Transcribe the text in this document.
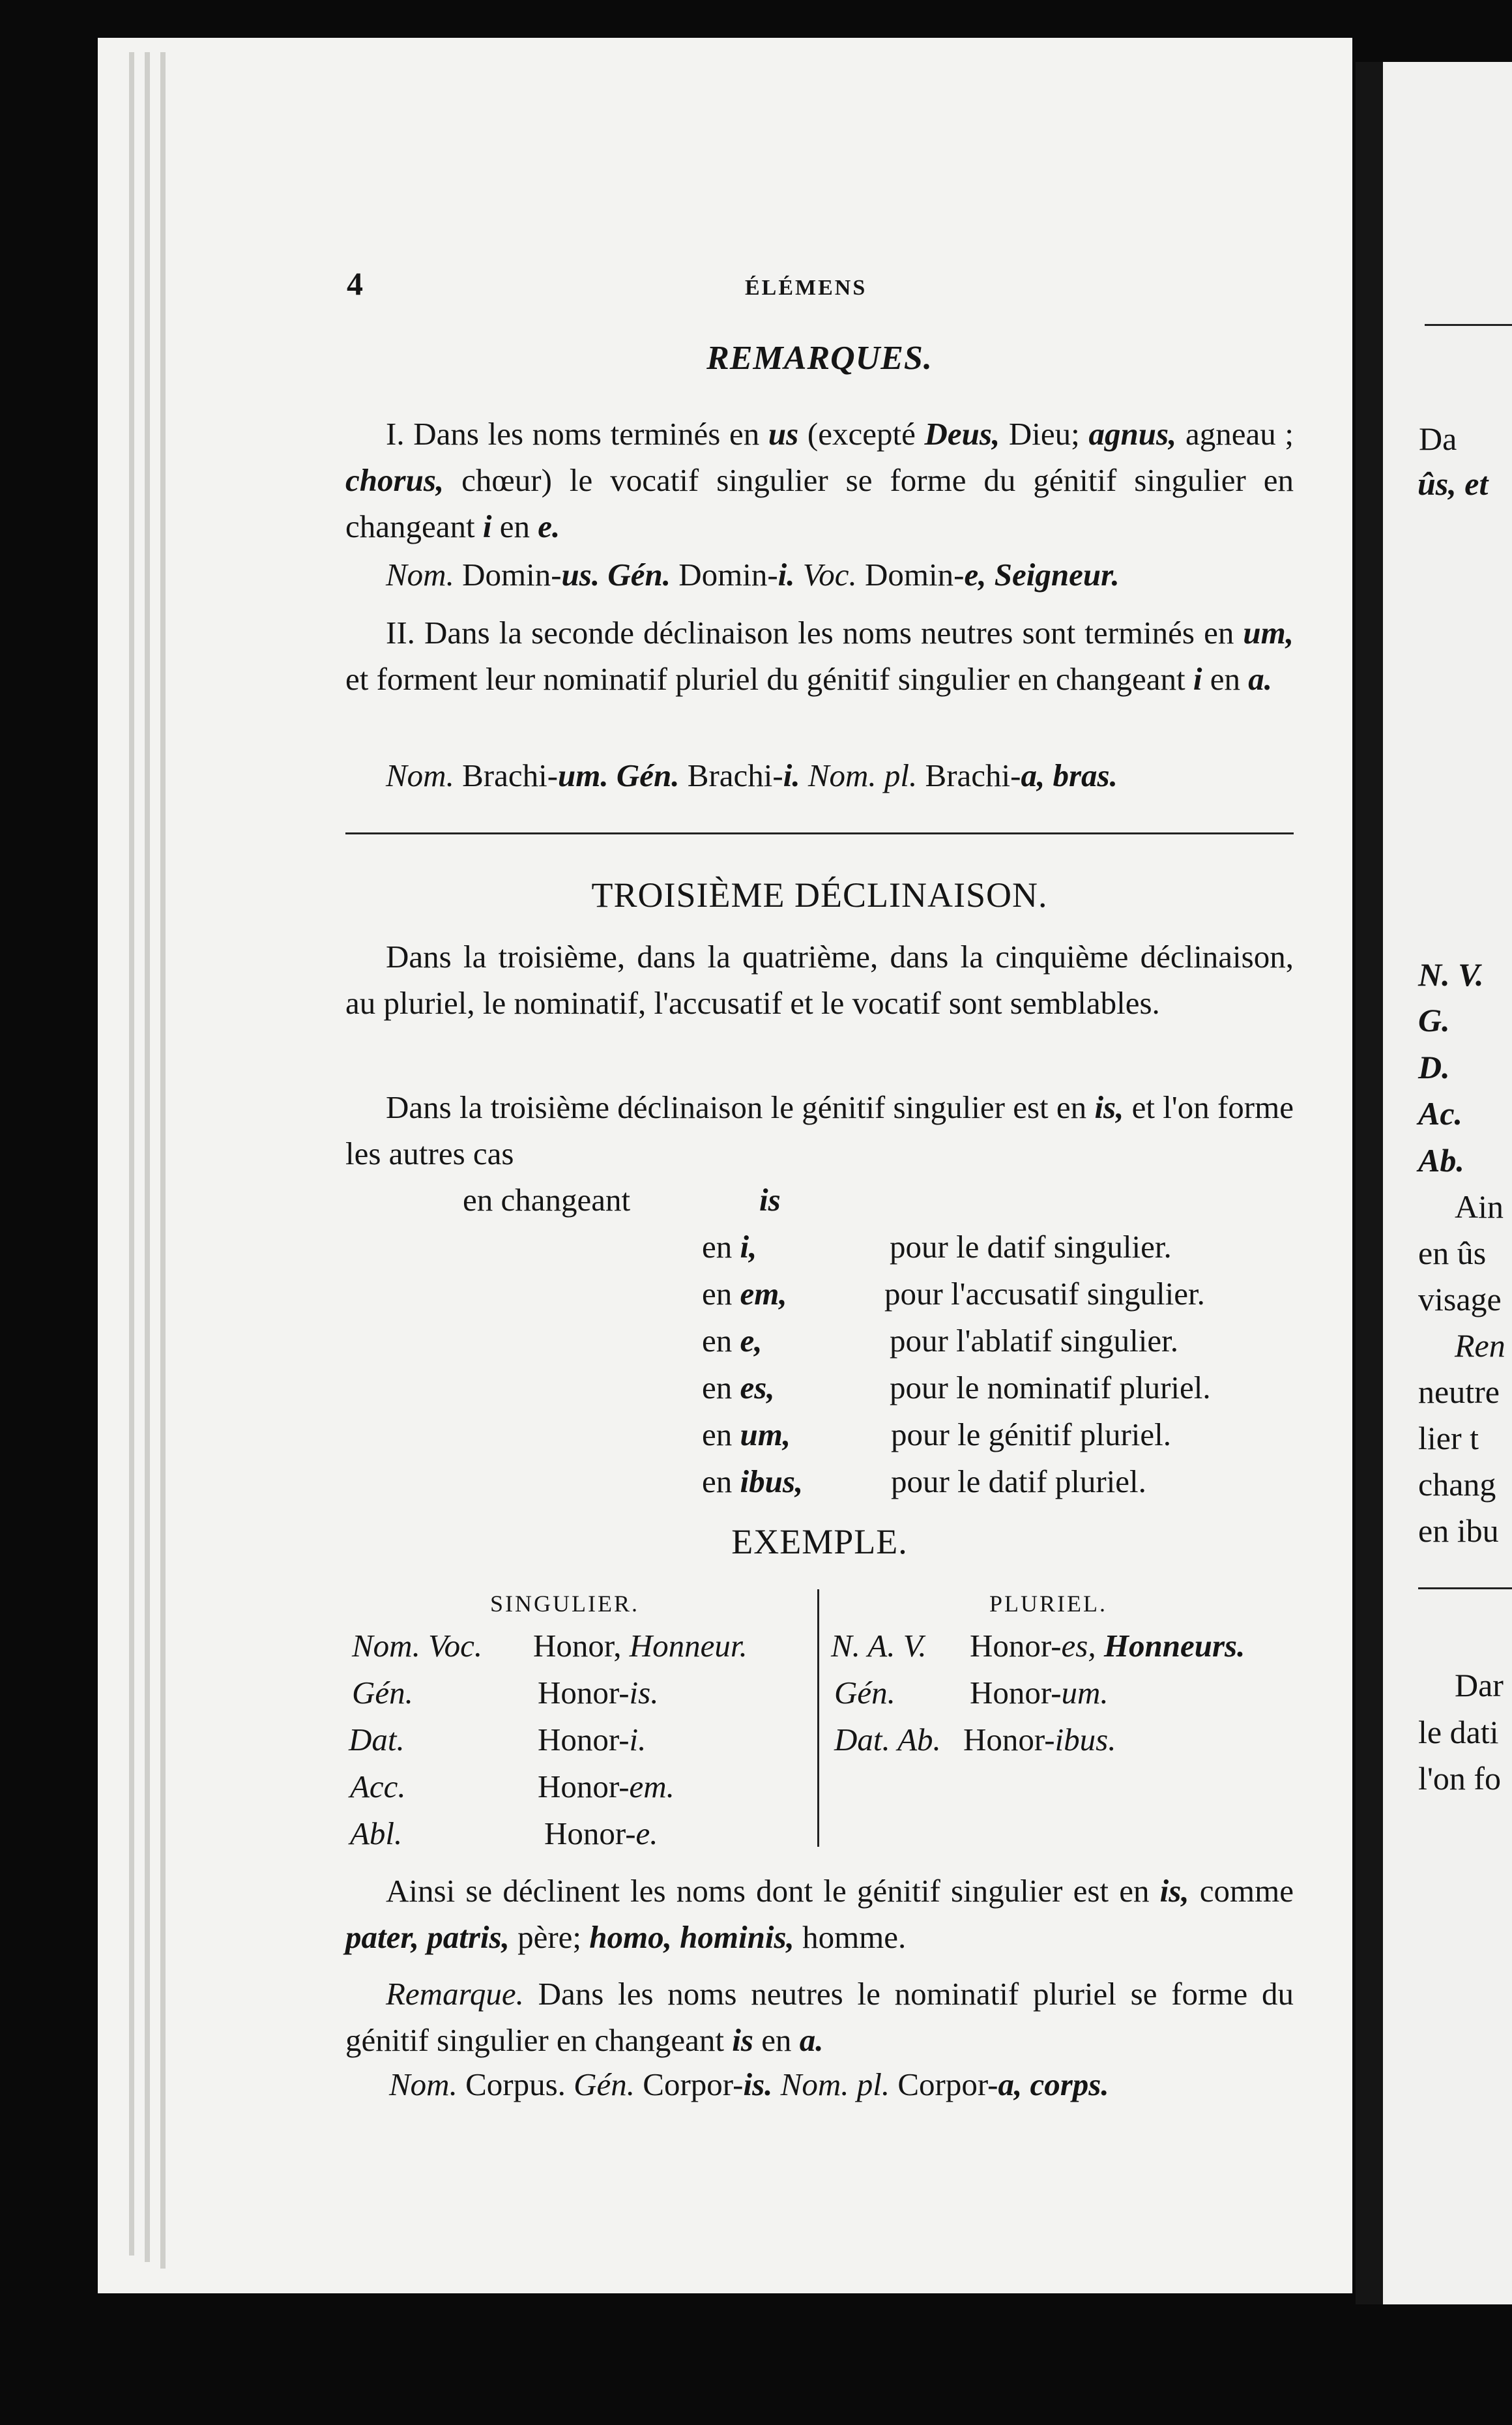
Da
ûs, et
N. V.
G.
D.
Ac.
Ab.
Ain
en ûs
visage
Ren
neutre
lier t
chang
en ibu
Dar
le dati
l'on fo
4	ÉLÉMENS
REMARQUES.

I. Dans les noms terminés en us (excepté Deus, Dieu; agnus, agneau ; chorus, chœur) le vocatif singulier se forme du génitif singulier en changeant i en e.

Nom. Domin-us. Gén. Domin-i. Voc. Domin-e, Seigneur.

II. Dans la seconde déclinaison les noms neutres sont terminés en um, et forment leur nominatif pluriel du génitif singulier en changeant i en a.

Nom. Brachi-um. Gén. Brachi-i. Nom. pl. Brachi-a, bras.
TROISIÈME DÉCLINAISON.

Dans la troisième, dans la quatrième, dans la cinquième déclinaison, au pluriel, le nominatif, l'accusatif et le vocatif sont semblables.

Dans la troisième déclinaison le génitif singulier est en is, et l'on forme les autres cas

en changeant	is
en i,	pour le datif singulier.
en em,	pour l'accusatif singulier.
en e,	pour l'ablatif singulier.
en es,	pour le nominatif pluriel.
en um,	pour le génitif pluriel.
en ibus,	pour le datif pluriel.
EXEMPLE.
SINGULIER.	PLURIEL.
Nom. Voc. Honor, Honneur.
Gén.	Honor-is.
Dat.	Honor-i.
Acc.	Honor-em.
Abl.	Honor-e.
N. A. V. Honor-es, Honneurs.
Gén. Honor-um.
Dat. Ab. Honor-ibus.

Ainsi se déclinent les noms dont le génitif singulier est en is, comme pater, patris, père; homo, hominis, homme.

Remarque. Dans les noms neutres le nominatif pluriel se forme du génitif singulier en changeant is en a.

Nom. Corpus. Gén. Corpor-is. Nom. pl. Corpor-a, corps.
